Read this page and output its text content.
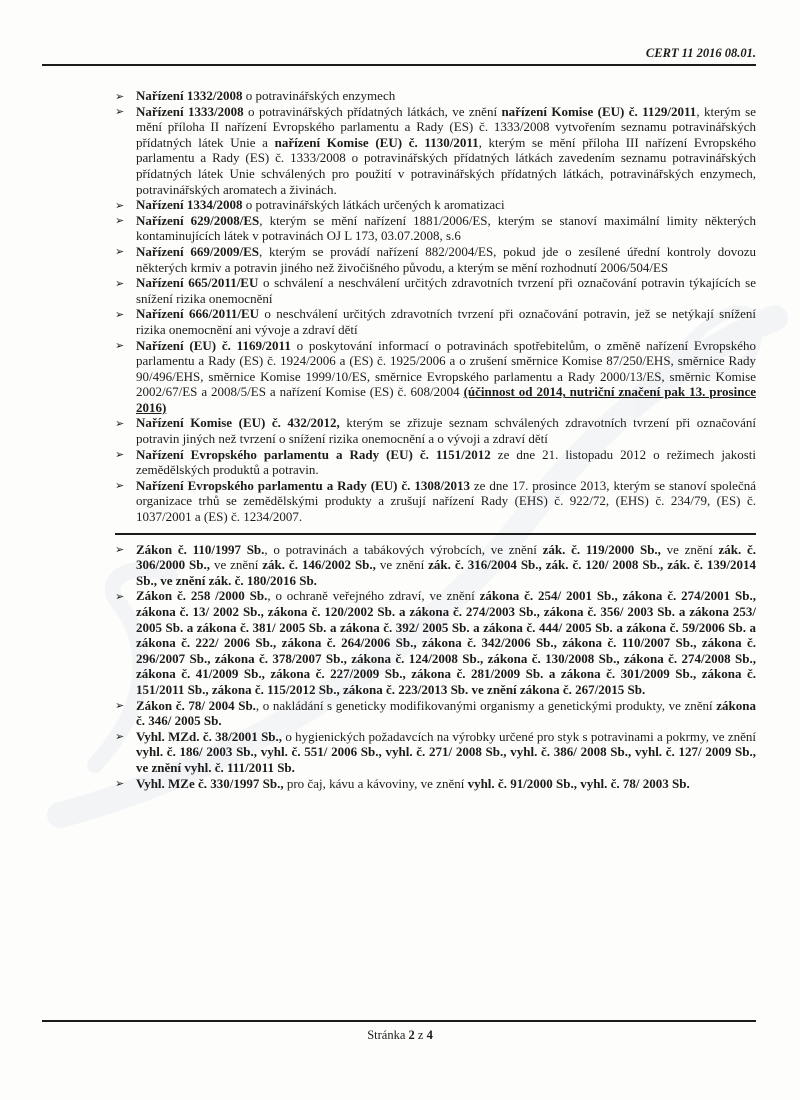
CERT 11 2016 08.01.
➢ Nařízení 1332/2008 o potravinářských enzymech
➢ Nařízení 1333/2008 o potravinářských přídatných látkách, ve znění nařízení Komise (EU) č. 1129/2011, kterým se mění příloha II nařízení Evropského parlamentu a Rady (ES) č. 1333/2008 vytvořením seznamu potravinářských přídatných látek Unie a nařízení Komise (EU) č. 1130/2011, kterým se mění příloha III nařízení Evropského parlamentu a Rady (ES) č. 1333/2008 o potravinářských přídatných látkách zavedením seznamu potravinářských přídatných látek Unie schválených pro použití v potravinářských přídatných látkách, potravinářských enzymech, potravinářských aromatech a živinách.
➢ Nařízení 1334/2008 o potravinářských látkách určených k aromatizaci
➢ Nařízení 629/2008/ES, kterým se mění nařízení 1881/2006/ES, kterým se stanoví maximální limity některých kontaminujících látek v potravinách OJ L 173, 03.07.2008, s.6
➢ Nařízení 669/2009/ES, kterým se provádí nařízení 882/2004/ES, pokud jde o zesílené úřední kontroly dovozu některých krmiv a potravin jiného než živočišného původu, a kterým se mění rozhodnutí 2006/504/ES
➢ Nařízení 665/2011/EU o schválení a neschválení určitých zdravotních tvrzení při označování potravin týkajících se snížení rizika onemocnění
➢ Nařízení 666/2011/EU o neschválení určitých zdravotních tvrzení při označování potravin, jež se netýkají snížení rizika onemocnění ani vývoje a zdraví dětí
➢ Nařízení (EU) č. 1169/2011 o poskytování informací o potravinách spotřebitelům, o změně nařízení Evropského parlamentu a Rady (ES) č. 1924/2006 a (ES) č. 1925/2006 a o zrušení směrnice Komise 87/250/EHS, směrnice Rady 90/496/EHS, směrnice Komise 1999/10/ES, směrnice Evropského parlamentu a Rady 2000/13/ES, směrnic Komise 2002/67/ES a 2008/5/ES a nařízení Komise (ES) č. 608/2004 (účinnost od 2014, nutriční značení pak 13. prosince 2016)
➢ Nařízení Komise (EU) č. 432/2012, kterým se zřizuje seznam schválených zdravotních tvrzení při označování potravin jiných než tvrzení o snížení rizika onemocnění a o vývoji a zdraví dětí
➢ Nařízení Evropského parlamentu a Rady (EU) č. 1151/2012 ze dne 21. listopadu 2012 o režimech jakosti zemědělských produktů a potravin.
➢ Nařízení Evropského parlamentu a Rady (EU) č. 1308/2013 ze dne 17. prosince 2013, kterým se stanoví společná organizace trhů se zemědělskými produkty a zrušují nařízení Rady (EHS) č. 922/72, (EHS) č. 234/79, (ES) č. 1037/2001 a (ES) č. 1234/2007.
➢ Zákon č. 110/1997 Sb., o potravinách a tabákových výrobcích, ve znění zák. č. 119/2000 Sb., ve znění zák. č. 306/2000 Sb., ve znění zák. č. 146/2002 Sb., ve znění zák. č. 316/2004 Sb., zák. č. 120/ 2008 Sb., zák. č. 139/2014 Sb., ve znění zák. č. 180/2016 Sb.
➢ Zákon č. 258 /2000 Sb., o ochraně veřejného zdraví, ve znění zákona č. 254/ 2001 Sb., zákona č. 274/2001 Sb., zákona č. 13/ 2002 Sb., zákona č. 120/2002 Sb. a zákona č. 274/2003 Sb., zákona č. 356/ 2003 Sb. a zákona 253/ 2005 Sb. a zákona č. 381/ 2005 Sb. a zákona č. 392/ 2005 Sb. a zákona č. 444/ 2005 Sb. a zákona č. 59/2006 Sb. a zákona č. 222/ 2006 Sb., zákona č. 264/2006 Sb., zákona č. 342/2006 Sb., zákona č. 110/2007 Sb., zákona č. 296/2007 Sb., zákona č. 378/2007 Sb., zákona č. 124/2008 Sb., zákona č. 130/2008 Sb., zákona č. 274/2008 Sb., zákona č. 41/2009 Sb., zákona č. 227/2009 Sb., zákona č. 281/2009 Sb. a zákona č. 301/2009 Sb., zákona č. 151/2011 Sb., zákona č. 115/2012 Sb., zákona č. 223/2013 Sb. ve znění zákona č. 267/2015 Sb.
➢ Zákon č. 78/ 2004 Sb., o nakládání s geneticky modifikovanými organismy a genetickými produkty, ve znění zákona č. 346/ 2005 Sb.
➢ Vyhl. MZd. č. 38/2001 Sb., o hygienických požadavcích na výrobky určené pro styk s potravinami a pokrmy, ve znění vyhl. č. 186/ 2003 Sb., vyhl. č. 551/ 2006 Sb., vyhl. č. 271/ 2008 Sb., vyhl. č. 386/ 2008 Sb., vyhl. č. 127/ 2009 Sb., ve znění vyhl. č. 111/2011 Sb.
➢ Vyhl. MZe č. 330/1997 Sb., pro čaj, kávu a kávoviny, ve znění vyhl. č. 91/2000 Sb., vyhl. č. 78/ 2003 Sb.
Stránka 2 z 4
